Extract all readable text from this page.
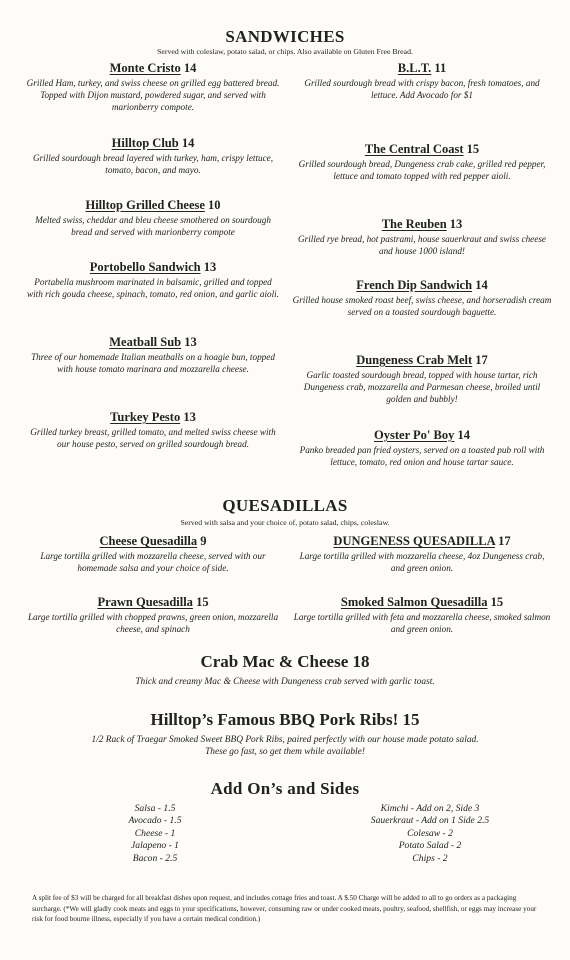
SANDWICHES
Served with coleslaw, potato salad, or chips. Also available on Gluten Free Bread.
Monte Cristo 14
Grilled Ham, turkey, and swiss cheese on grilled egg battered bread. Topped with Dijon mustard, powdered sugar, and served with marionberry compote.
Hilltop Club 14
Grilled sourdough bread layered with turkey, ham, crispy lettuce, tomato, bacon, and mayo.
Hilltop Grilled Cheese 10
Melted swiss, cheddar and bleu cheese smothered on sourdough bread and served with marionberry compote
Portobello Sandwich 13
Portabella mushroom marinated in balsamic, grilled and topped with rich gouda cheese, spinach, tomato, red onion, and garlic aioli.
Meatball Sub 13
Three of our homemade Italian meatballs on a hoagie bun, topped with house tomato marinara and mozzarella cheese.
Turkey Pesto 13
Grilled turkey breast, grilled tomato, and melted swiss cheese with our house pesto, served on grilled sourdough bread.
B.L.T. 11
Grilled sourdough bread with crispy bacon, fresh tomatoes, and lettuce. Add Avocado for $1
The Central Coast 15
Grilled sourdough bread, Dungeness crab cake, grilled red pepper, lettuce and tomato topped with red pepper aioli.
The Reuben 13
Grilled rye bread, hot pastrami, house sauerkraut and swiss cheese and house 1000 island!
French Dip Sandwich 14
Grilled house smoked roast beef, swiss cheese, and horseradish cream served on a toasted sourdough baguette.
Dungeness Crab Melt 17
Garlic toasted sourdough bread, topped with house tartar, rich Dungeness crab, mozzarella and Parmesan cheese, broiled until golden and bubbly!
Oyster Po' Boy 14
Panko breaded pan fried oysters, served on a toasted pub roll with lettuce, tomato, red onion and house tartar sauce.
QUESADILLAS
Served with salsa and your choice of, potato salad, chips, coleslaw.
Cheese Quesadilla 9
Large tortilla grilled with mozzarella cheese, served with our homemade salsa and your choice of side.
Prawn Quesadilla 15
Large tortilla grilled with chopped prawns, green onion, mozzarella cheese, and spinach
DUNGENESS QUESADILLA 17
Large tortilla grilled with mozzarella cheese, 4oz Dungeness crab, and green onion.
Smoked Salmon Quesadilla 15
Large tortilla grilled with feta and mozzarella cheese, smoked salmon and green onion.
Crab Mac & Cheese 18
Thick and creamy Mac & Cheese with Dungeness crab served with garlic toast.
Hilltop’s Famous BBQ Pork Ribs! 15
1/2 Rack of Traegar Smoked Sweet BBQ Pork Ribs, paired perfectly with our house made potato salad.
These go fast, so get them while available!
Add On’s and Sides
Salsa - 1.5
Avocado - 1.5
Cheese - 1
Jalapeno - 1
Bacon - 2.5
Kimchi - Add on 2, Side 3
Sauerkraut - Add on 1 Side 2.5
Colesaw - 2
Potato Salad - 2
Chips - 2
A split fee of $3 will be charged for all breakfast dishes upon request, and includes cottage fries and toast. A $.50 Charge will be added to all to go orders as a packaging surcharge. (*We will gladly cook meats and eggs to your specifications, however, consuming raw or under cooked meats, poultry, seafood, shellfish, or eggs may increase your risk for food bourne illness, especially if you have a certain medical condition.)
